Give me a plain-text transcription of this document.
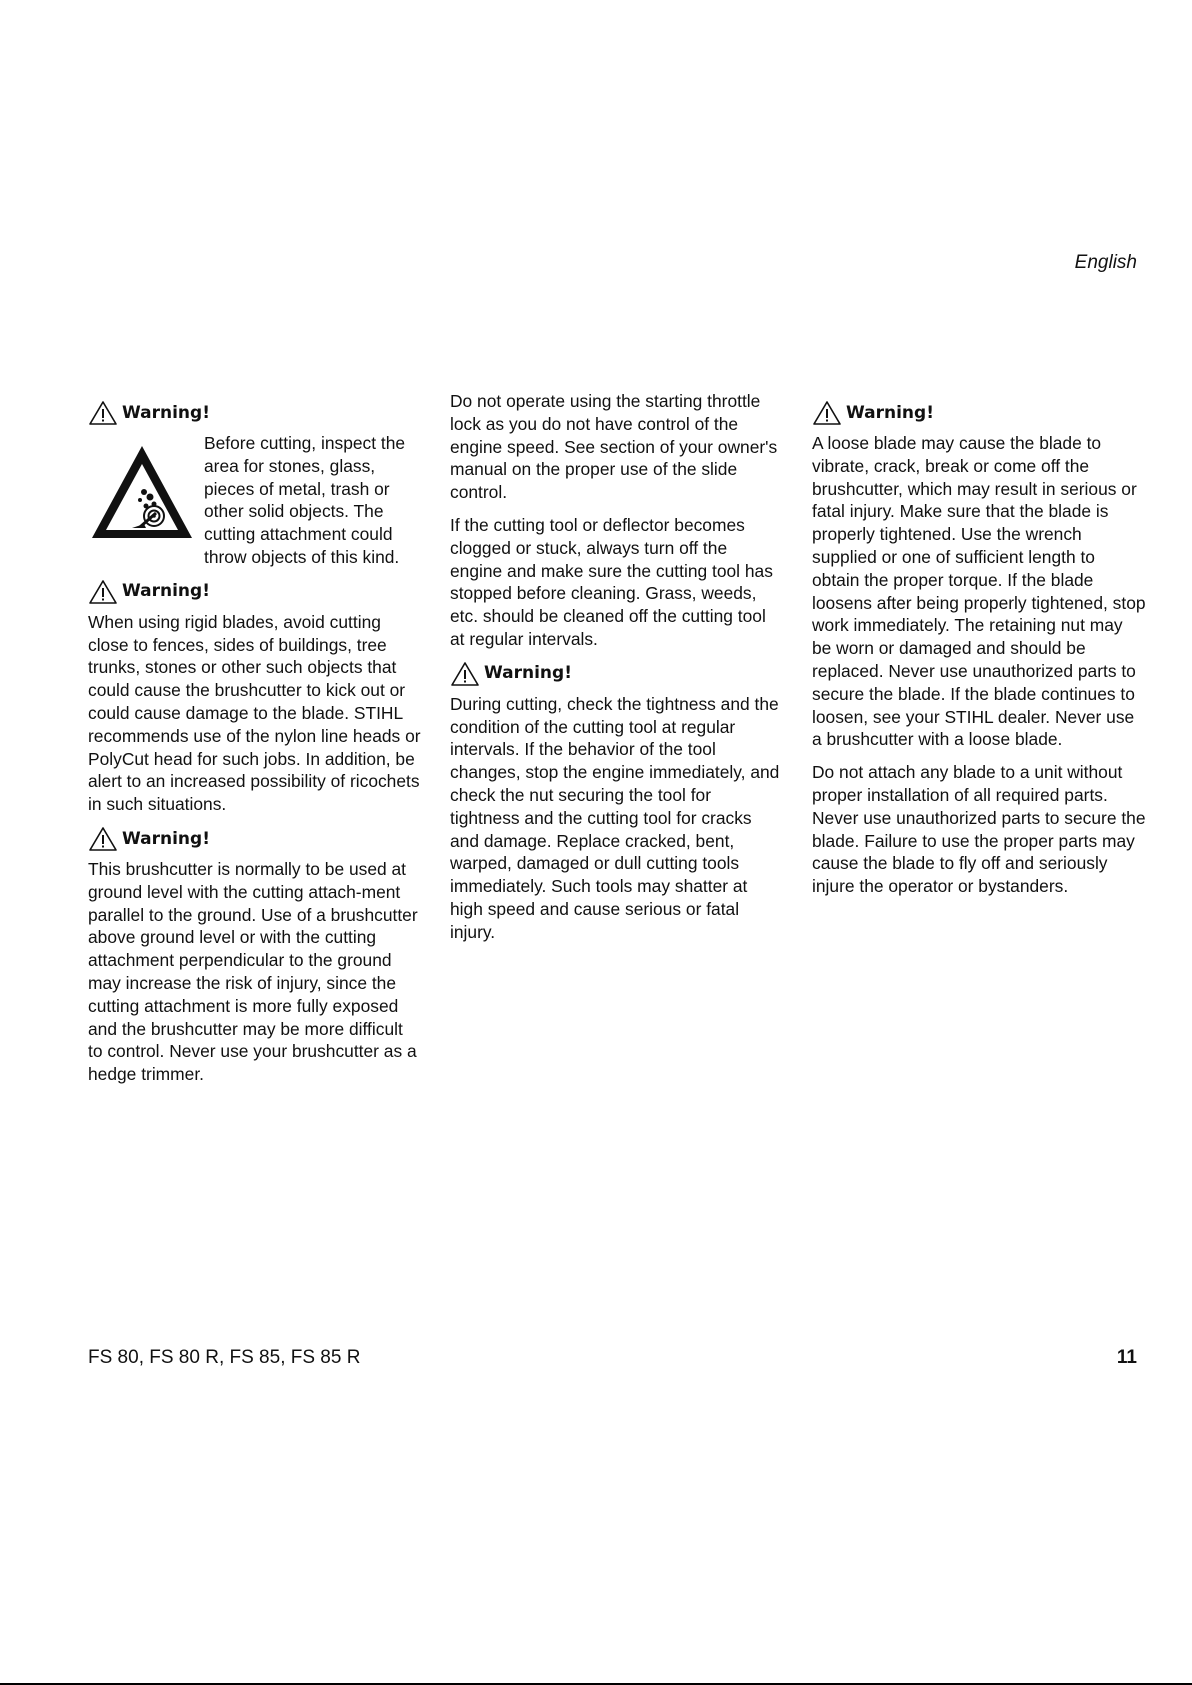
English
Warning!

Before cutting, inspect the area for stones, glass, pieces of metal, trash or other solid objects. The cutting attachment could throw objects of this kind.

Warning!

When using rigid blades, avoid cutting close to fences, sides of buildings, tree trunks, stones or other such objects that could cause the brushcutter to kick out or could cause damage to the blade. STIHL recommends use of the nylon line heads or PolyCut head for such jobs. In addition, be alert to an increased possibility of ricochets in such situations.

Warning!

This brushcutter is normally to be used at ground level with the cutting attach-ment parallel to the ground. Use of a brushcutter above ground level or with the cutting attachment perpendicular to the ground may increase the risk of injury, since the cutting attachment is more fully exposed and the brushcutter may be more difficult to control. Never use your brushcutter as a hedge trimmer.

Do not operate using the starting throttle lock as you do not have control of the engine speed. See section of your owner's manual on the proper use of the slide control.

If the cutting tool or deflector becomes clogged or stuck, always turn off the engine and make sure the cutting tool has stopped before cleaning. Grass, weeds, etc. should be cleaned off the cutting tool at regular intervals.

Warning!

During cutting, check the tightness and the condition of the cutting tool at regular intervals. If the behavior of the tool changes, stop the engine immediately, and check the nut securing the tool for tightness and the cutting tool for cracks and damage. Replace cracked, bent, warped, damaged or dull cutting tools immediately. Such tools may shatter at high speed and cause serious or fatal injury.

Warning!

A loose blade may cause the blade to vibrate, crack, break or come off the brushcutter, which may result in serious or fatal injury. Make sure that the blade is properly tightened. Use the wrench supplied or one of sufficient length to obtain the proper torque. If the blade loosens after being properly tightened, stop work immediately. The retaining nut may be worn or damaged and should be replaced. Never use unauthorized parts to secure the blade. If the blade continues to loosen, see your STIHL dealer. Never use a brushcutter with a loose blade.

Do not attach any blade to a unit without proper installation of all required parts. Never use unauthorized parts to secure the blade. Failure to use the proper parts may cause the blade to fly off and seriously injure the operator or bystanders.

FS 80, FS 80 R, FS 85, FS 85 R	11
